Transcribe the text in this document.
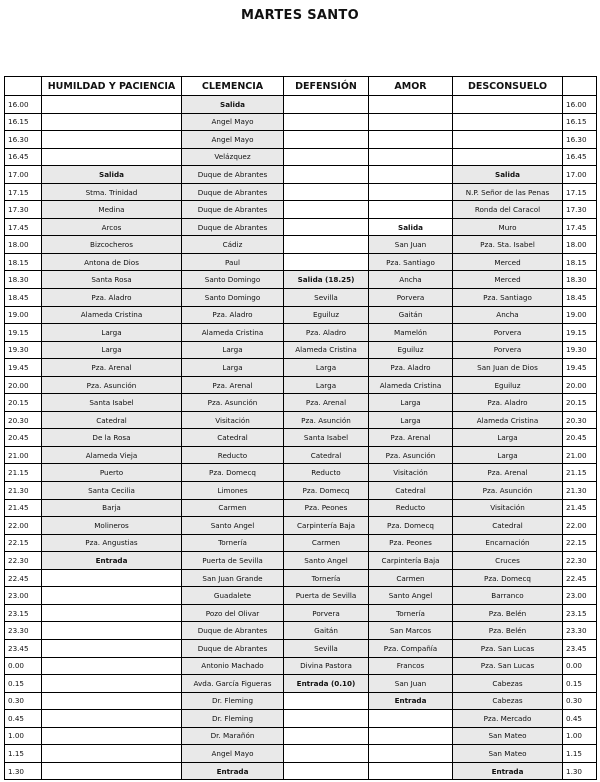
MARTES SANTO
	HUMILDAD Y PACIENCIA	CLEMENCIA	DEFENSIÓN	AMOR	DESCONSUELO	
16.00		Salida				16.00
16.15		Angel Mayo				16.15
16.30		Angel Mayo				16.30
16.45		Velázquez				16.45
17.00	Salida	Duque de Abrantes			Salida	17.00
17.15	Stma. Trinidad	Duque de Abrantes			N.P. Señor de las Penas	17.15
17.30	Medina	Duque de Abrantes			Ronda del Caracol	17.30
17.45	Arcos	Duque de Abrantes		Salida	Muro	17.45
18.00	Bizcocheros	Cádiz		San Juan	Pza. Sta. Isabel	18.00
18.15	Antona de Dios	Paul		Pza. Santiago	Merced	18.15
18.30	Santa Rosa	Santo Domingo	Salida (18.25)	Ancha	Merced	18.30
18.45	Pza. Aladro	Santo Domingo	Sevilla	Porvera	Pza. Santiago	18.45
19.00	Alameda Cristina	Pza. Aladro	Eguiluz	Gaitán	Ancha	19.00
19.15	Larga	Alameda Cristina	Pza. Aladro	Mamelón	Porvera	19.15
19.30	Larga	Larga	Alameda Cristina	Eguiluz	Porvera	19.30
19.45	Pza. Arenal	Larga	Larga	Pza. Aladro	San Juan de Dios	19.45
20.00	Pza. Asunción	Pza. Arenal	Larga	Alameda Cristina	Eguiluz	20.00
20.15	Santa Isabel	Pza. Asunción	Pza. Arenal	Larga	Pza. Aladro	20.15
20.30	Catedral	Visitación	Pza. Asunción	Larga	Alameda Cristina	20.30
20.45	De la Rosa	Catedral	Santa Isabel	Pza. Arenal	Larga	20.45
21.00	Alameda Vieja	Reducto	Catedral	Pza. Asunción	Larga	21.00
21.15	Puerto	Pza. Domecq	Reducto	Visitación	Pza. Arenal	21.15
21.30	Santa Cecilia	Limones	Pza. Domecq	Catedral	Pza. Asunción	21.30
21.45	Barja	Carmen	Pza. Peones	Reducto	Visitación	21.45
22.00	Molineros	Santo Angel	Carpintería Baja	Pza. Domecq	Catedral	22.00
22.15	Pza. Angustias	Tornería	Carmen	Pza. Peones	Encarnación	22.15
22.30	Entrada	Puerta de Sevilla	Santo Angel	Carpintería Baja	Cruces	22.30
22.45		San Juan Grande	Tornería	Carmen	Pza. Domecq	22.45
23.00		Guadalete	Puerta de Sevilla	Santo Angel	Barranco	23.00
23.15		Pozo del Olivar	Porvera	Tornería	Pza. Belén	23.15
23.30		Duque de Abrantes	Gaitán	San Marcos	Pza. Belén	23.30
23.45		Duque de Abrantes	Sevilla	Pza. Compañía	Pza. San Lucas	23.45
0.00		Antonio Machado	Divina Pastora	Francos	Pza. San Lucas	0.00
0.15		Avda. García Figueras	Entrada (0.10)	San Juan	Cabezas	0.15
0.30		Dr. Fleming		Entrada	Cabezas	0.30
0.45		Dr. Fleming			Pza. Mercado	0.45
1.00		Dr. Marañón			San Mateo	1.00
1.15		Angel Mayo			San Mateo	1.15
1.30		Entrada			Entrada	1.30
